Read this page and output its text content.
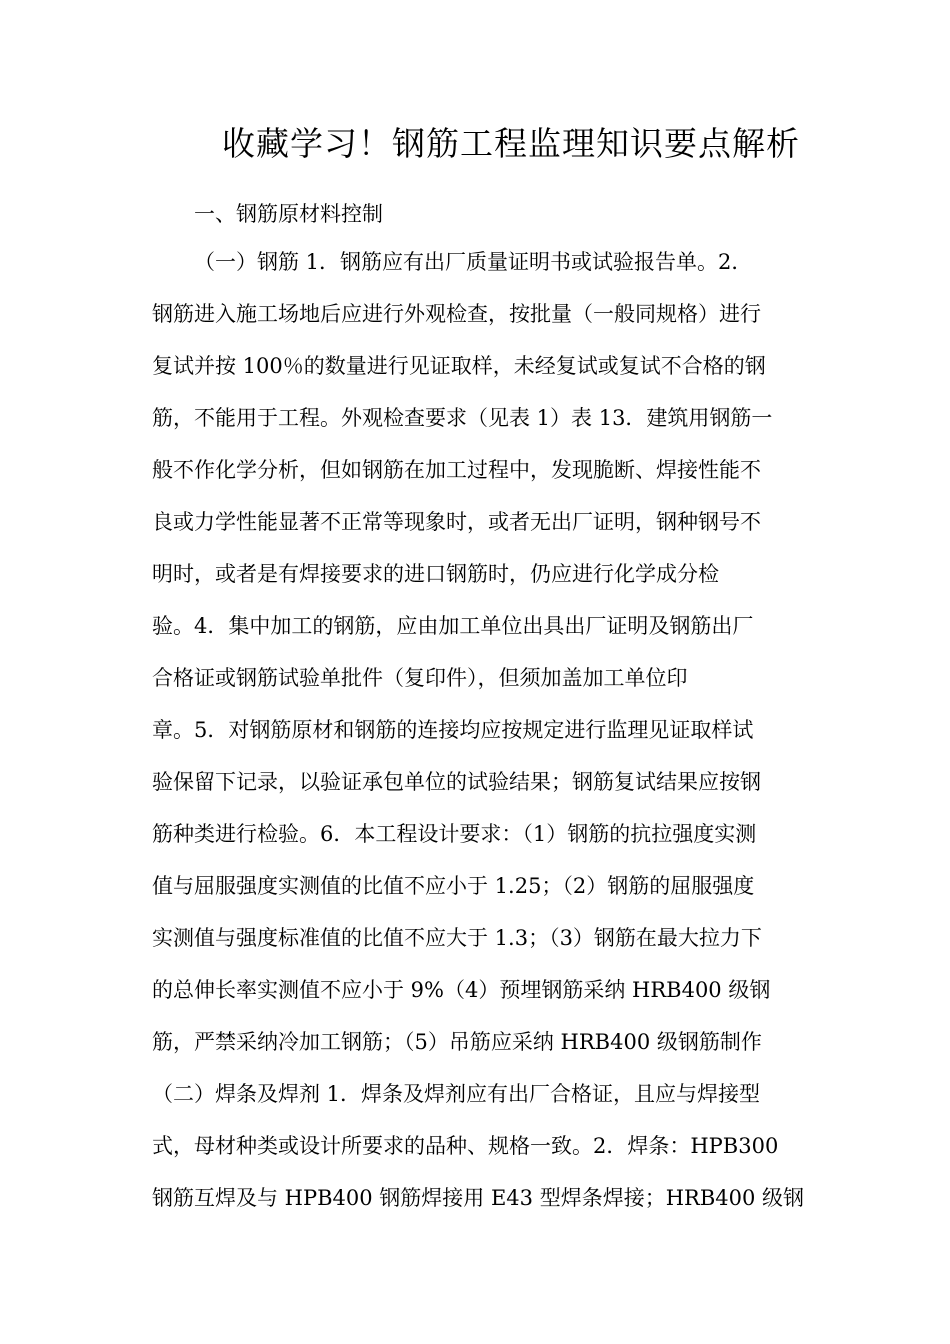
收藏学习！钢筋工程监理知识要点解析
一、钢筋原材料控制
（一）钢筋 1．钢筋应有出厂质量证明书或试验报告单。2．
钢筋进入施工场地后应进行外观检查，按批量（一般同规格）进行
复试并按 100％的数量进行见证取样，未经复试或复试不合格的钢
筋，不能用于工程。外观检查要求（见表 1）表 13．建筑用钢筋一
般不作化学分析，但如钢筋在加工过程中，发现脆断、焊接性能不
良或力学性能显著不正常等现象时，或者无出厂证明，钢种钢号不
明时，或者是有焊接要求的进口钢筋时，仍应进行化学成分检
验。4．集中加工的钢筋，应由加工单位出具出厂证明及钢筋出厂
合格证或钢筋试验单批件（复印件），但须加盖加工单位印
章。5．对钢筋原材和钢筋的连接均应按规定进行监理见证取样试
验保留下记录，以验证承包单位的试验结果；钢筋复试结果应按钢
筋种类进行检验。6．本工程设计要求：（1）钢筋的抗拉强度实测
值与屈服强度实测值的比值不应小于 1.25；（2）钢筋的屈服强度
实测值与强度标准值的比值不应大于 1.3；（3）钢筋在最大拉力下
的总伸长率实测值不应小于 9%（4）预埋钢筋采纳 HRB400 级钢
筋，严禁采纳冷加工钢筋；（5）吊筋应采纳 HRB400 级钢筋制作
（二）焊条及焊剂 1．焊条及焊剂应有出厂合格证，且应与焊接型
式，母材种类或设计所要求的品种、规格一致。2．焊条：HPB300
钢筋互焊及与 HPB400 钢筋焊接用 E43 型焊条焊接；HRB400 级钢
